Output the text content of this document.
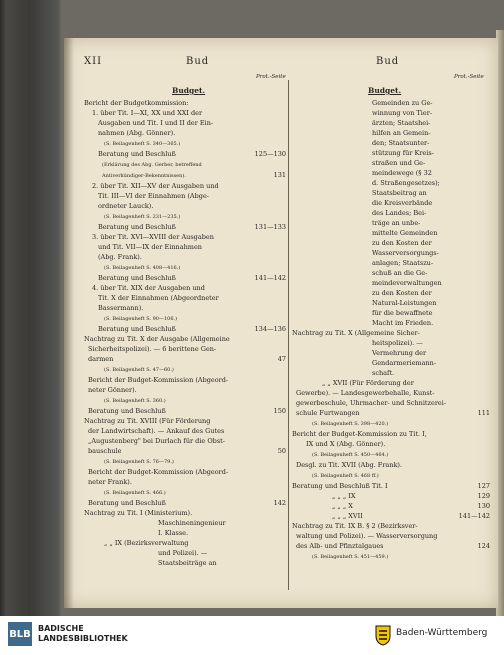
XII	Bud	Bud
Prot.-Seite	Prot.-Seite
Budget.	Budget.
Bericht der Budgetkommission:
1. über Tit. I—XI, XX und XXI der
Ausgaben und Tit. I und II der Ein-
nahmen (Abg. Gönner).
(S. Beilagenheft S. 340—365.)
Beratung und Beschluß	125—130
(Erklärung des Abg. Gerber, betreffend
Antiverkündiger-Bekenntnissen).	131
2. über Tit. XII—XV der Ausgaben und
Tit. III—VI der Einnahmen (Abge-
ordneter Lauck).
(S. Beilagenheft S. 231—235.)
Beratung und Beschluß	131—133
3. über Tit. XVI—XVIII der Ausgaben
und Tit. VII—IX der Einnahmen
(Abg. Frank).
(S. Beilagenheft S. 408—416.)
Beratung und Beschluß	141—142
4. über Tit. XIX der Ausgaben und
Tit. X der Einnahmen (Abgeordneter
Bassermann).
(S. Beilagenheft S. 90—106.)
Beratung und Beschluß	134—136
Nachtrag zu Tit. X der Ausgabe (Allgemeine
Sicherheitspolizei). — 6 berittene Gen-
darmen	47
(S. Beilagenheft S. 47—60.)
Bericht der Budget-Kommission (Abgeord-
neter Gönner).
(S. Beilagenheft S. 360.)
Beratung und Beschluß	150
Nachtrag zu Tit. XVIII (Für Förderung
der Landwirtschaft). — Ankauf des Gutes
„Augustenberg" bei Durlach für die Obst-
bauschule	50
(S. Beilagenheft S. 76—79.)
Bericht der Budget-Kommission (Abgeord-
neter Frank).
(S. Beilagenheft S. 466.)
Beratung und Beschluß	142
Nachtrag zu Tit. I (Ministerium).
Maschineningenieur
I. Klasse.
„ „ IX (Bezirksverwaltung
und Polizei). —
Staatsbeiträge an
Gemeinden zu Ge-
winnung von Tier-
ärzten; Staatshei-
hilfen an Gemein-
den; Staatsunter-
stützung für Kreis-
straßen und Ge-
meindewege (§ 32
d. Straßengesetzes);
Staatsbeitrag an
die Kreisverbände
des Landes; Bei-
träge an unbe-
mittelte Gemeinden
zu den Kosten der
Wasserversorgungs-
anlagen; Staatszu-
schuß an die Ge-
meindeverwaltungen
zu den Kosten der
Natural-Leistungen
für die bewaffnete
Macht im Frieden.
Nachtrag zu Tit. X (Allgemeine Sicher-
heitspolizei). —
Vermehrung der
Gendarmeriemann-
schaft.
„ „ XVII (Für Förderung der
Gewerbe). — Landesgewerbehalle, Kunst-
gewerbeschule, Uhrmacher- und Schnitzerei-
schule Furtwangen	111
(S. Beilagenheft S. 398—420.)
Bericht der Budget-Kommission zu Tit. I,
IX und X (Abg. Gönner).
(S. Beilagenheft S. 450—464.)
Desgl. zu Tit. XVII (Abg. Frank).
(S. Beilagenheft S. 468 ff.)
Beratung und Beschluß Tit. I	127
„ „ „ IX	129
„ „ „ X	130
„ „ „ XVII	141—142
Nachtrag zu Tit. IX B. § 2 (Bezirksver-
waltung und Polizei). — Wasserversorgung
des Alb- und Pfinztalgaues	124
(S. Beilagenheft S. 451—459.)
BLB BADISCHE
LANDESBIBLIOTHEK
Baden-Württemberg
